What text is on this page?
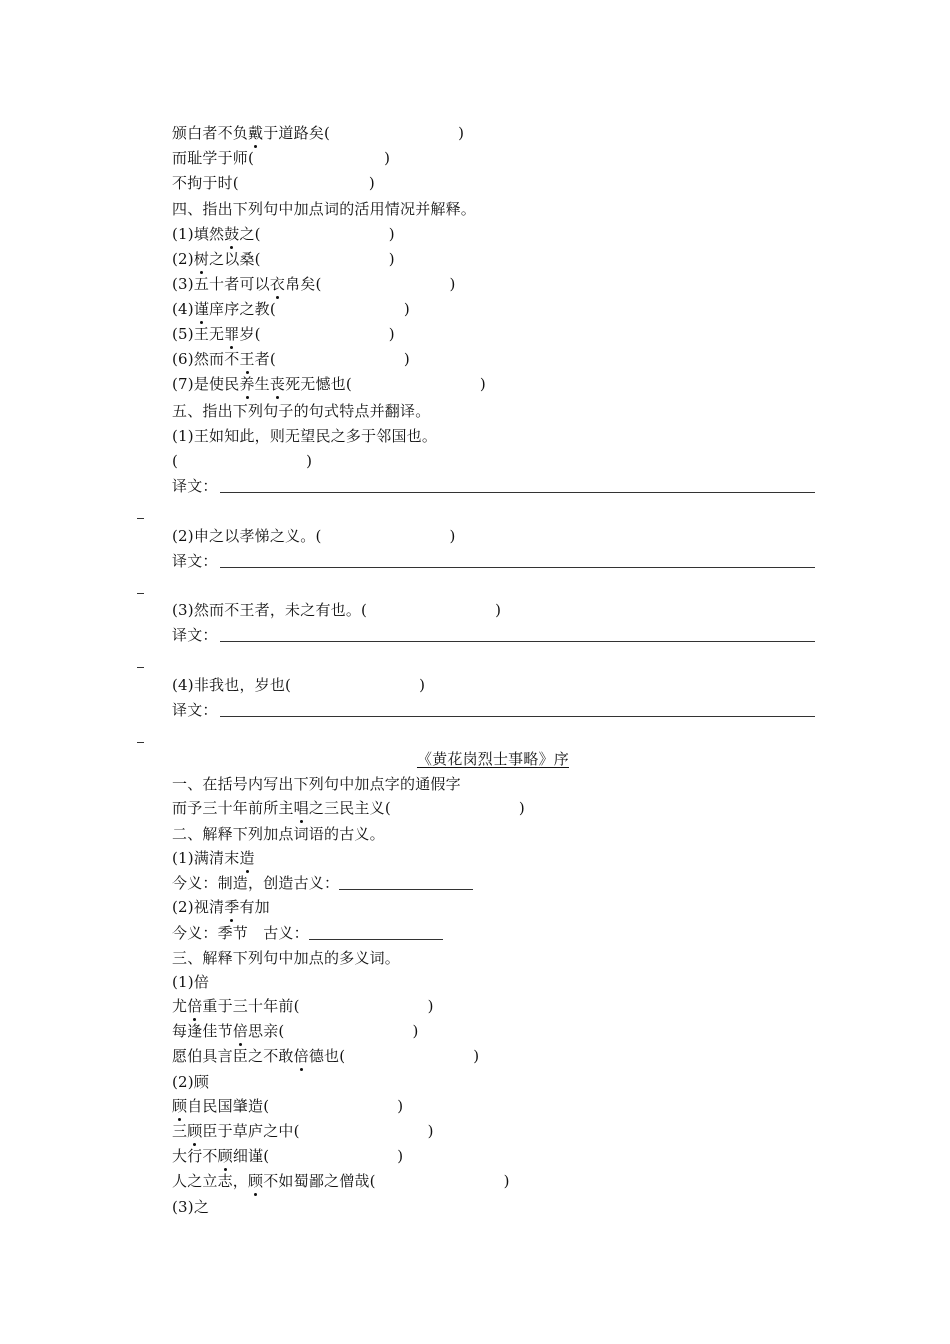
颁白者不负戴于道路矣(	)
而耻学于师(	)
不拘于时(	)
四、指出下列句中加点词的活用情况并解释。
(1)填然鼓之(	)
(2)树之以桑(	)
(3)五十者可以衣帛矣(	)
(4)谨庠序之教(	)
(5)王无罪岁(	)
(6)然而不王者(	)
(7)是使民养生丧死无憾也(	)
五、指出下列句子的句式特点并翻译。
(1)王如知此，则无望民之多于邻国也。
(	)
译文：
(2)申之以孝悌之义。(	)
译文：
(3)然而不王者，未之有也。(	)
译文：
(4)非我也，岁也(	)
译文：
《黄花岗烈士事略》序
一、在括号内写出下列句中加点字的通假字
而予三十年前所主唱之三民主义(	)
二、解释下列加点词语的古义。
(1)满清末造
今义：制造，创造古义：
(2)视清季有加
今义：季节　古义：
三、解释下列句中加点的多义词。
(1)倍
尤倍重于三十年前(	)
每逢佳节倍思亲(	)
愿伯具言臣之不敢倍德也(	)
(2)顾
顾自民国肇造(	)
三顾臣于草庐之中(	)
大行不顾细谨(	)
人之立志，顾不如蜀鄙之僧哉(	)
(3)之
